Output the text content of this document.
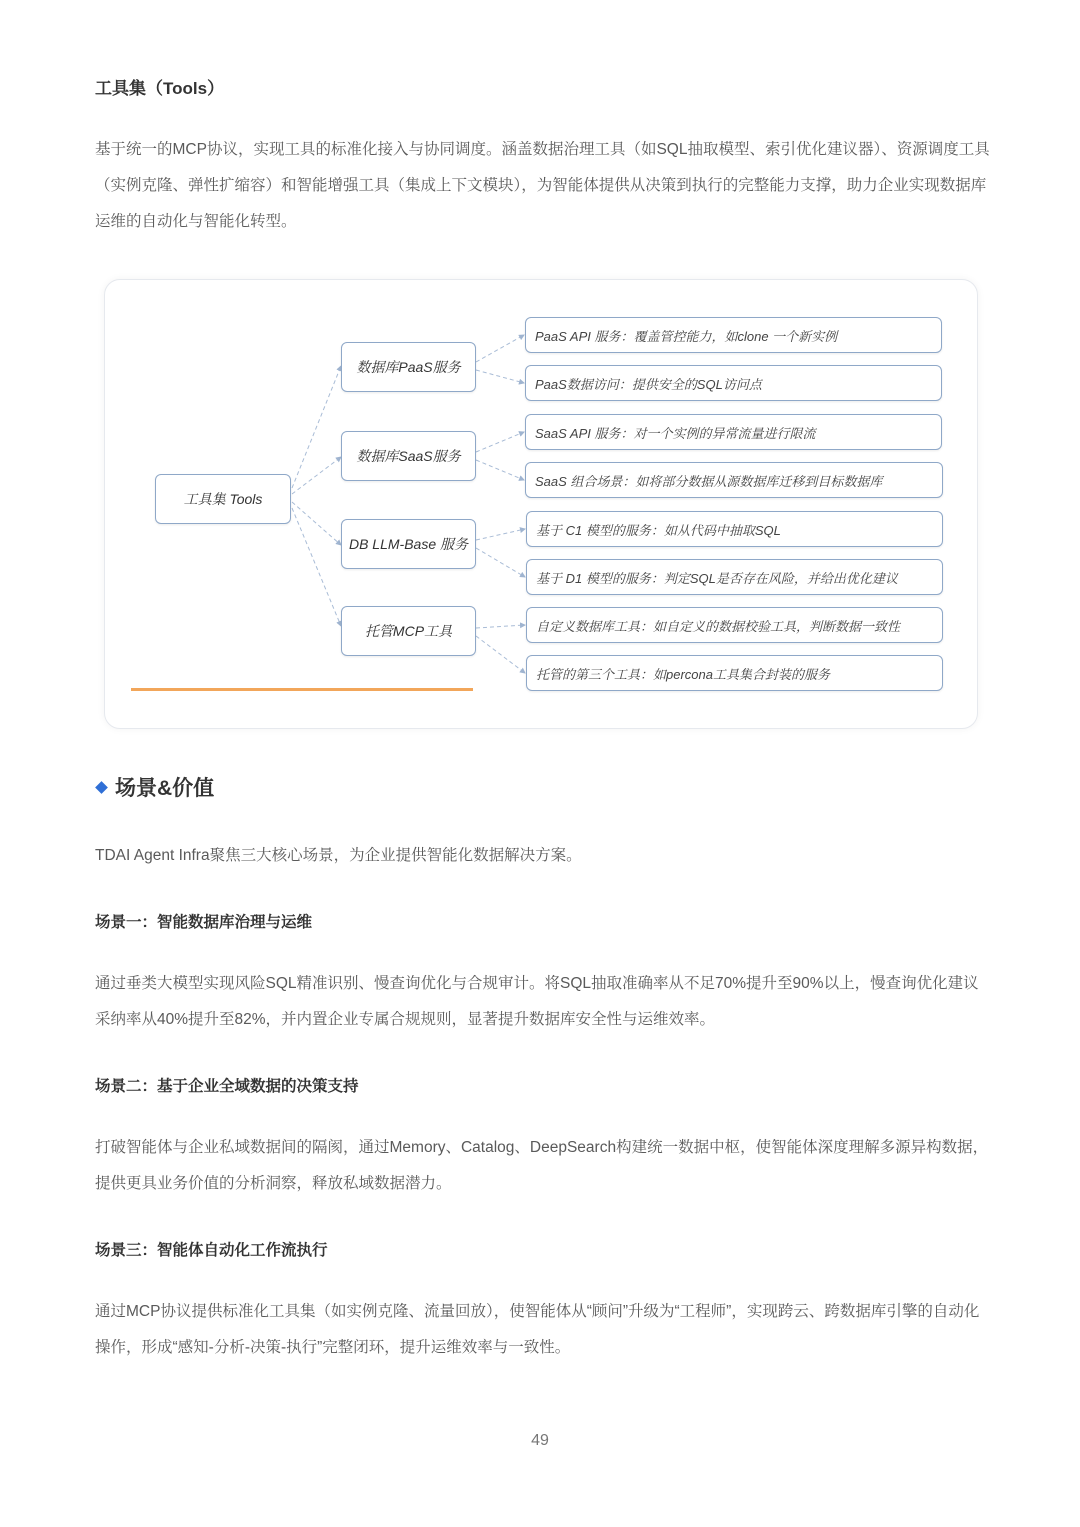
工具集（Tools）
基于统一的MCP协议，实现工具的标准化接入与协同调度。涵盖数据治理工具（如SQL抽取模型、索引优化建议器）、资源调度工具（实例克隆、弹性扩缩容）和智能增强工具（集成上下文模块），为智能体提供从决策到执行的完整能力支撑，助力企业实现数据库运维的自动化与智能化转型。
工具集 Tools
数据库PaaS服务
数据库SaaS服务
DB LLM-Base 服务
托管MCP工具
PaaS API 服务：覆盖管控能力，如clone 一个新实例
PaaS数据访问：提供安全的SQL访问点
SaaS API 服务：对一个实例的异常流量进行限流
SaaS 组合场景：如将部分数据从源数据库迁移到目标数据库
基于 C1 模型的服务：如从代码中抽取SQL
基于 D1 模型的服务：判定SQL是否存在风险，并给出优化建议
自定义数据库工具：如自定义的数据校验工具，判断数据一致性
托管的第三个工具：如percona工具集合封装的服务
场景&价值
TDAI Agent Infra聚焦三大核心场景，为企业提供智能化数据解决方案。
场景一：智能数据库治理与运维
通过垂类大模型实现风险SQL精准识别、慢查询优化与合规审计。将SQL抽取准确率从不足70%提升至90%以上，慢查询优化建议采纳率从40%提升至82%，并内置企业专属合规规则，显著提升数据库安全性与运维效率。
场景二：基于企业全域数据的决策支持
打破智能体与企业私域数据间的隔阂，通过Memory、Catalog、DeepSearch构建统一数据中枢，使智能体深度理解多源异构数据，提供更具业务价值的分析洞察，释放私域数据潜力。
场景三：智能体自动化工作流执行
通过MCP协议提供标准化工具集（如实例克隆、流量回放），使智能体从“顾问”升级为“工程师”，实现跨云、跨数据库引擎的自动化操作，形成“感知-分析-决策-执行”完整闭环，提升运维效率与一致性。
49
